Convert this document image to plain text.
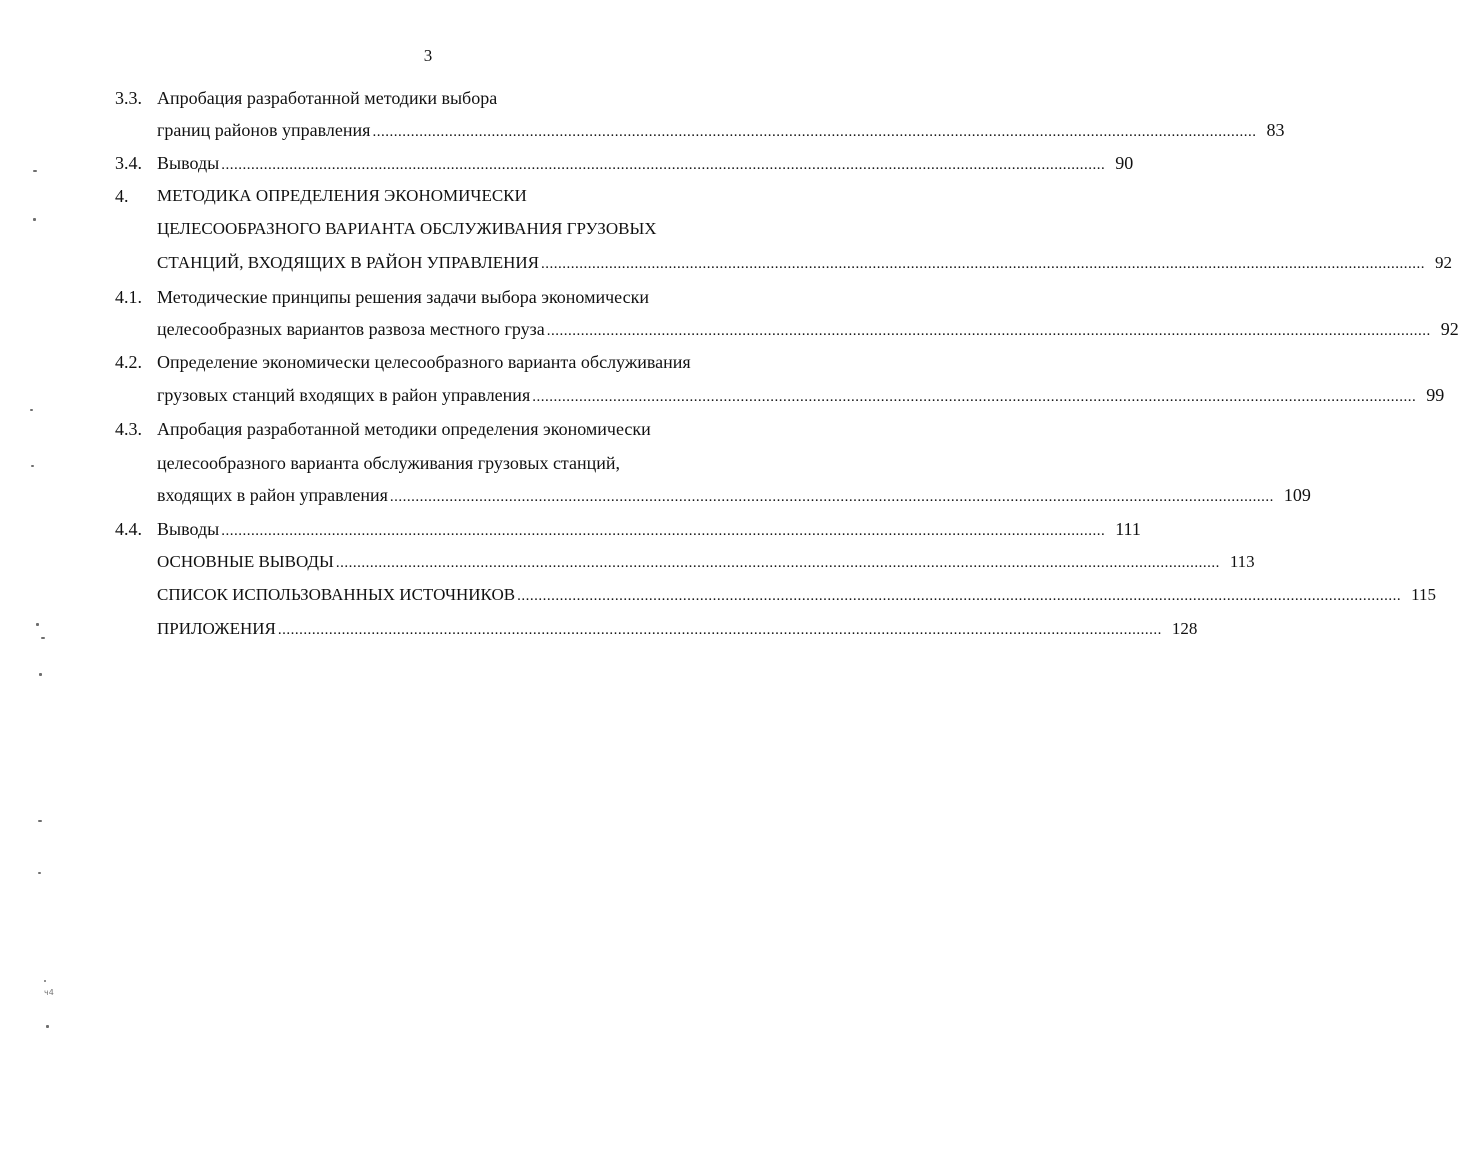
3
3.3. Апробация разработанной методики выбора
границ районов управления ................................................................................................................................................................................................................ 83
3.4. Выводы ................................................................................................................................................................................................................ 90
4.	МЕТОДИКА ОПРЕДЕЛЕНИЯ ЭКОНОМИЧЕСКИ
ЦЕЛЕСООБРАЗНОГО ВАРИАНТА ОБСЛУЖИВАНИЯ ГРУЗОВЫХ
СТАНЦИЙ, ВХОДЯЩИХ В РАЙОН УПРАВЛЕНИЯ ................................................................................................................................................................................................................ 92
4.1. Методические принципы решения задачи выбора экономически
целесообразных вариантов развоза местного груза ................................................................................................................................................................................................................ 92
4.2. Определение экономически целесообразного варианта обслуживания
грузовых станций входящих в район управления ................................................................................................................................................................................................................ 99
4.3. Апробация разработанной методики определения экономически
целесообразного варианта обслуживания грузовых станций,
входящих в район управления ................................................................................................................................................................................................................ 109
4.4. Выводы ................................................................................................................................................................................................................ 111
ОСНОВНЫЕ ВЫВОДЫ ................................................................................................................................................................................................................ 113
СПИСОК ИСПОЛЬЗОВАННЫХ ИСТОЧНИКОВ ................................................................................................................................................................................................................ 115
ПРИЛОЖЕНИЯ ................................................................................................................................................................................................................ 128
ч4
